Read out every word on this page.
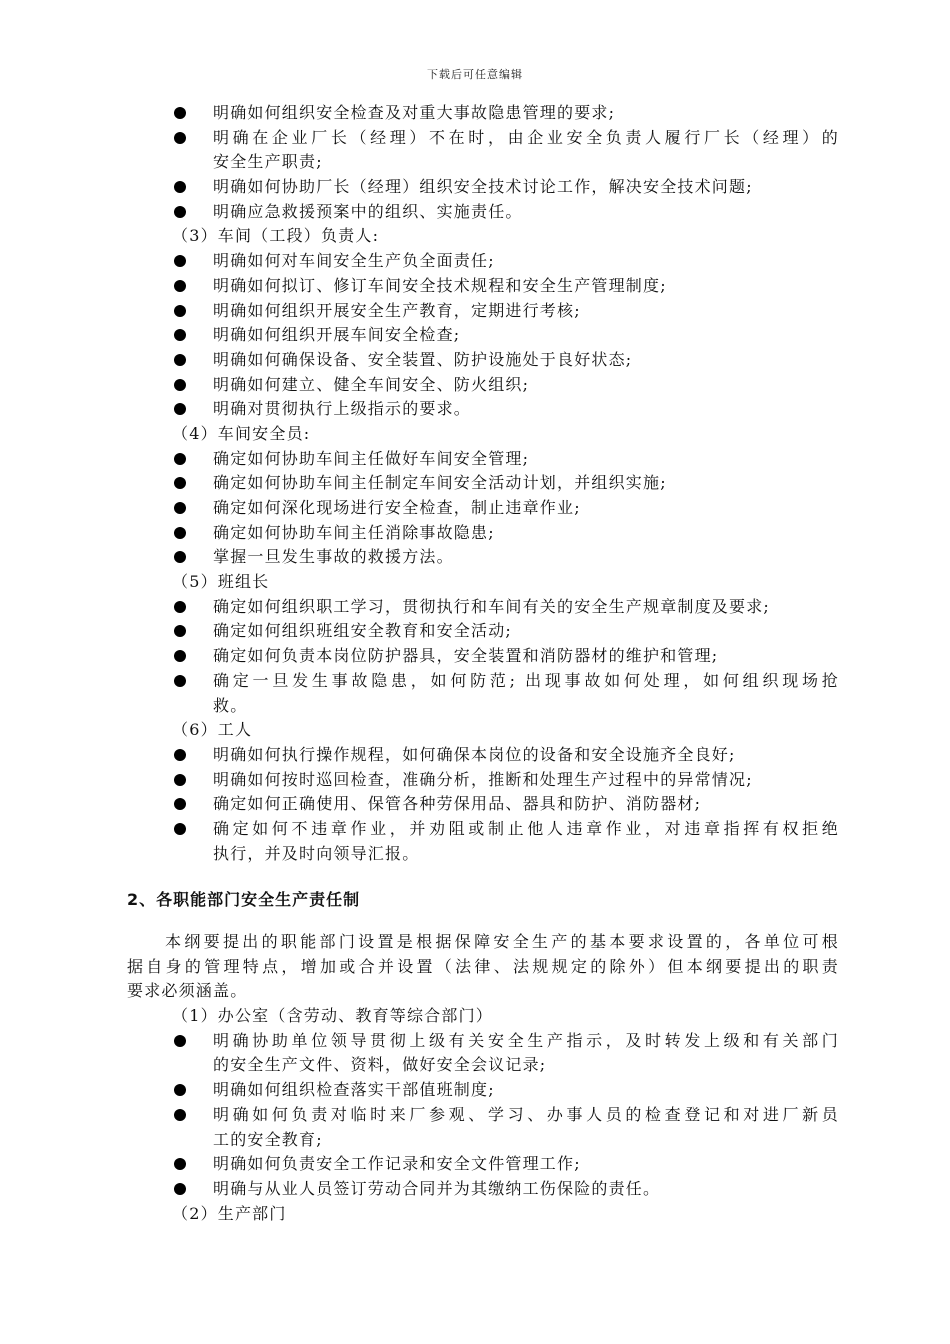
下载后可任意编辑
明确如何组织安全检查及对重大事故隐患管理的要求;
明确在企业厂长（经理）不在时，由企业安全负责人履行厂长（经理）的
安全生产职责;
明确如何协助厂长（经理）组织安全技术讨论工作，解决安全技术问题;
明确应急救援预案中的组织、实施责任。
（3）车间（工段）负责人:
明确如何对车间安全生产负全面责任;
明确如何拟订、修订车间安全技术规程和安全生产管理制度;
明确如何组织开展安全生产教育，定期进行考核;
明确如何组织开展车间安全检查;
明确如何确保设备、安全装置、防护设施处于良好状态;
明确如何建立、健全车间安全、防火组织;
明确对贯彻执行上级指示的要求。
（4）车间安全员:
确定如何协助车间主任做好车间安全管理;
确定如何协助车间主任制定车间安全活动计划，并组织实施;
确定如何深化现场进行安全检查，制止违章作业;
确定如何协助车间主任消除事故隐患;
掌握一旦发生事故的救援方法。
（5）班组长
确定如何组织职工学习，贯彻执行和车间有关的安全生产规章制度及要求;
确定如何组织班组安全教育和安全活动;
确定如何负责本岗位防护器具，安全装置和消防器材的维护和管理;
确定一旦发生事故隐患，如何防范; 出现事故如何处理，如何组织现场抢
救。
（6）工人
明确如何执行操作规程，如何确保本岗位的设备和安全设施齐全良好;
明确如何按时巡回检查，准确分析，推断和处理生产过程中的异常情况;
确定如何正确使用、保管各种劳保用品、器具和防护、消防器材;
确定如何不违章作业，并劝阻或制止他人违章作业，对违章指挥有权拒绝
执行，并及时向领导汇报。
2、各职能部门安全生产责任制
本纲要提出的职能部门设置是根据保障安全生产的基本要求设置的，各单位可根
据自身的管理特点，增加或合并设置（法律、法规规定的除外）但本纲要提出的职责
要求必须涵盖。
（1）办公室（含劳动、教育等综合部门）
明确协助单位领导贯彻上级有关安全生产指示，及时转发上级和有关部门
的安全生产文件、资料，做好安全会议记录;
明确如何组织检查落实干部值班制度;
明确如何负责对临时来厂参观、学习、办事人员的检查登记和对进厂新员
工的安全教育;
明确如何负责安全工作记录和安全文件管理工作;
明确与从业人员签订劳动合同并为其缴纳工伤保险的责任。
（2）生产部门
